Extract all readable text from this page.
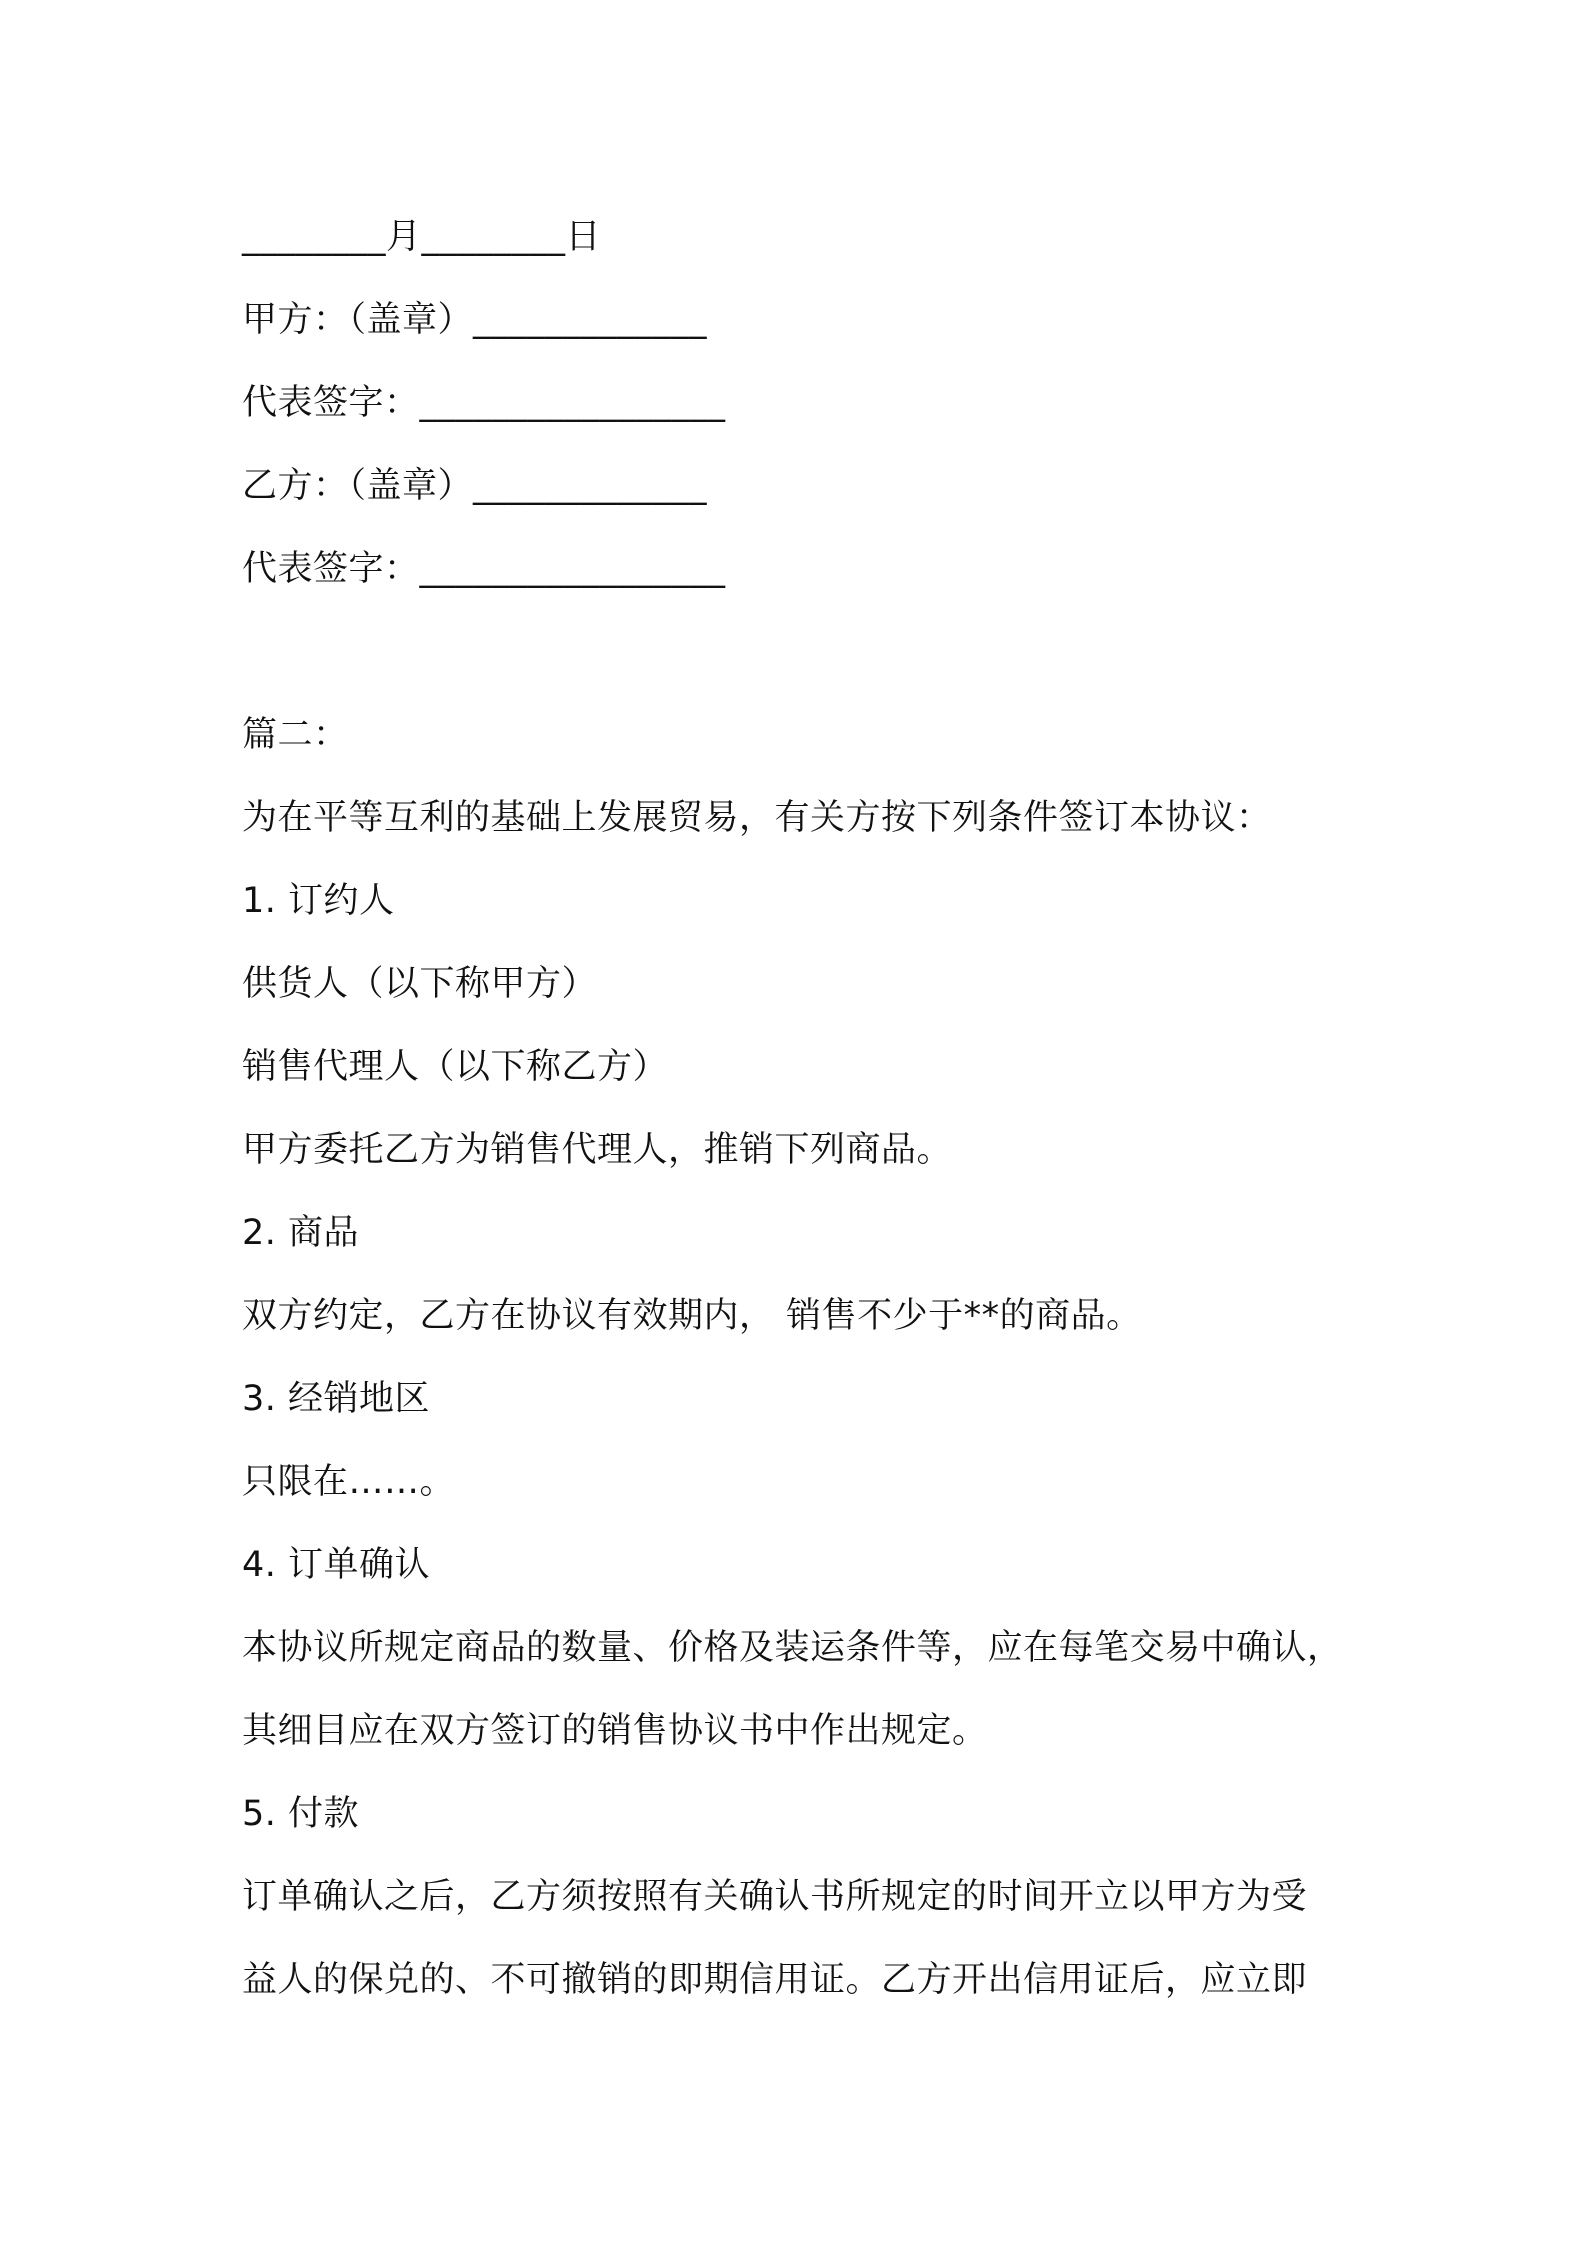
________月________日
甲方：（盖章）_____________
代表签字：_________________
乙方：（盖章）_____________
代表签字：_________________
篇二：
为在平等互利的基础上发展贸易，有关方按下列条件签订本协议：
1. 订约人
供货人（以下称甲方）
销售代理人（以下称乙方）
甲方委托乙方为销售代理人，推销下列商品。
2. 商品
双方约定，乙方在协议有效期内， 销售不少于**的商品。
3. 经销地区
只限在……。
4. 订单确认
本协议所规定商品的数量、价格及装运条件等，应在每笔交易中确认，
其细目应在双方签订的销售协议书中作出规定。
5. 付款
订单确认之后，乙方须按照有关确认书所规定的时间开立以甲方为受
益人的保兑的、不可撤销的即期信用证。乙方开出信用证后，应立即
